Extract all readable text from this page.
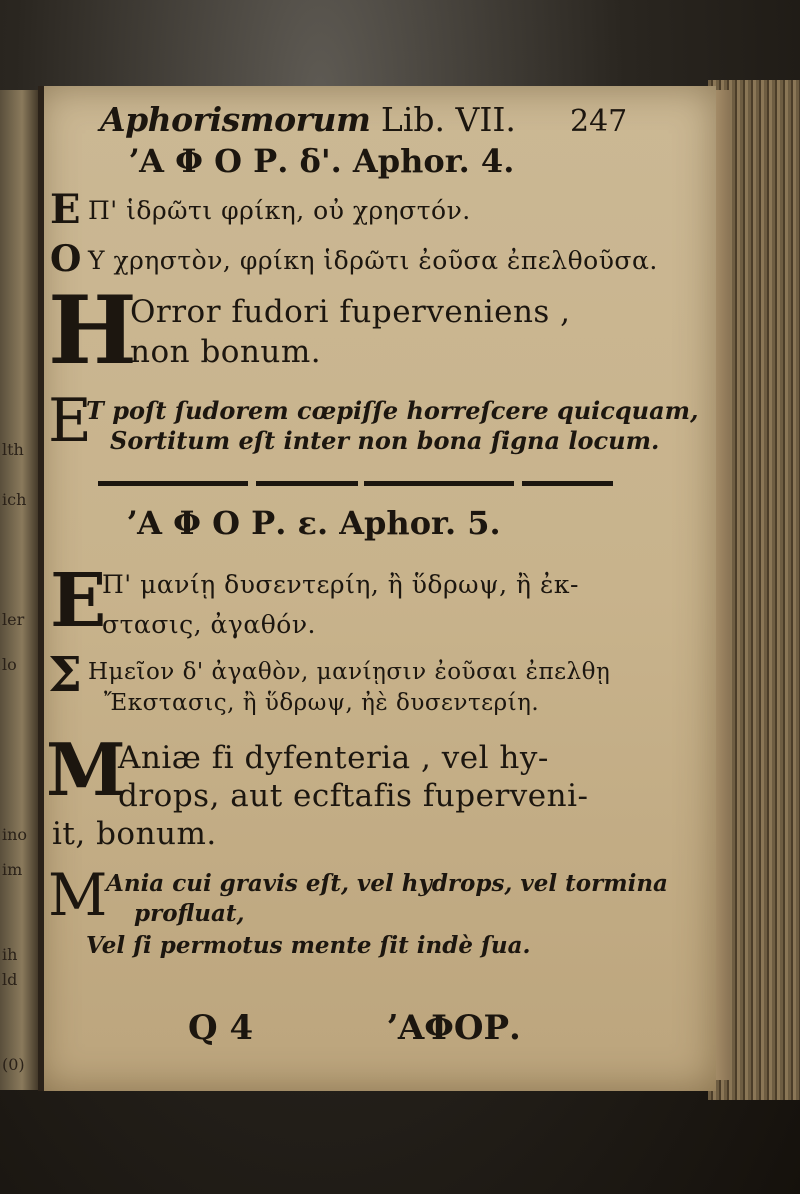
lth
ich
ler
lo
ino
im
ih
ld
(0)
Aphorismorum Lib. VII. 247
ʼΑ Φ Ο Ρ. δ'. Aphor. 4.
Ε Π' ἱδρῶτι φρίκη, οὐ χρηστόν.
Ο Υ χρηστὸν, φρίκη ἱδρῶτι ἐοῦσα ἐπελθοῦσα.
H
Orror fudori fuperveniens ,
non bonum.
E
T poſt ſudorem cœpiſſe horreſcere quicquam,
Sortitum eſt inter non bona ſigna locum.
ʼΑ Φ Ο Ρ. ε. Aphor. 5.
Ε
Π' μανίῃ δυσεντερίη, ἢ ὕδρωψ, ἢ ἐκ-
στασις, ἀγαθόν.
Σ Ημεῖον δ' ἀγαθὸν, μανίῃσιν ἐοῦσαι ἐπελθῃ
Ἔκστασις, ἢ ὕδρωψ, ἠὲ δυσεντερίη.
M
Aniæ fi dyfenteria , vel hy-
drops, aut ecftafis fuperveni-
it, bonum.
M
Ania cui gravis eſt, vel hydrops, vel tormina
profluat,
Vel ſi permotus mente ſit indè ſua.
Q 4	ʼΑΦΟΡ.
